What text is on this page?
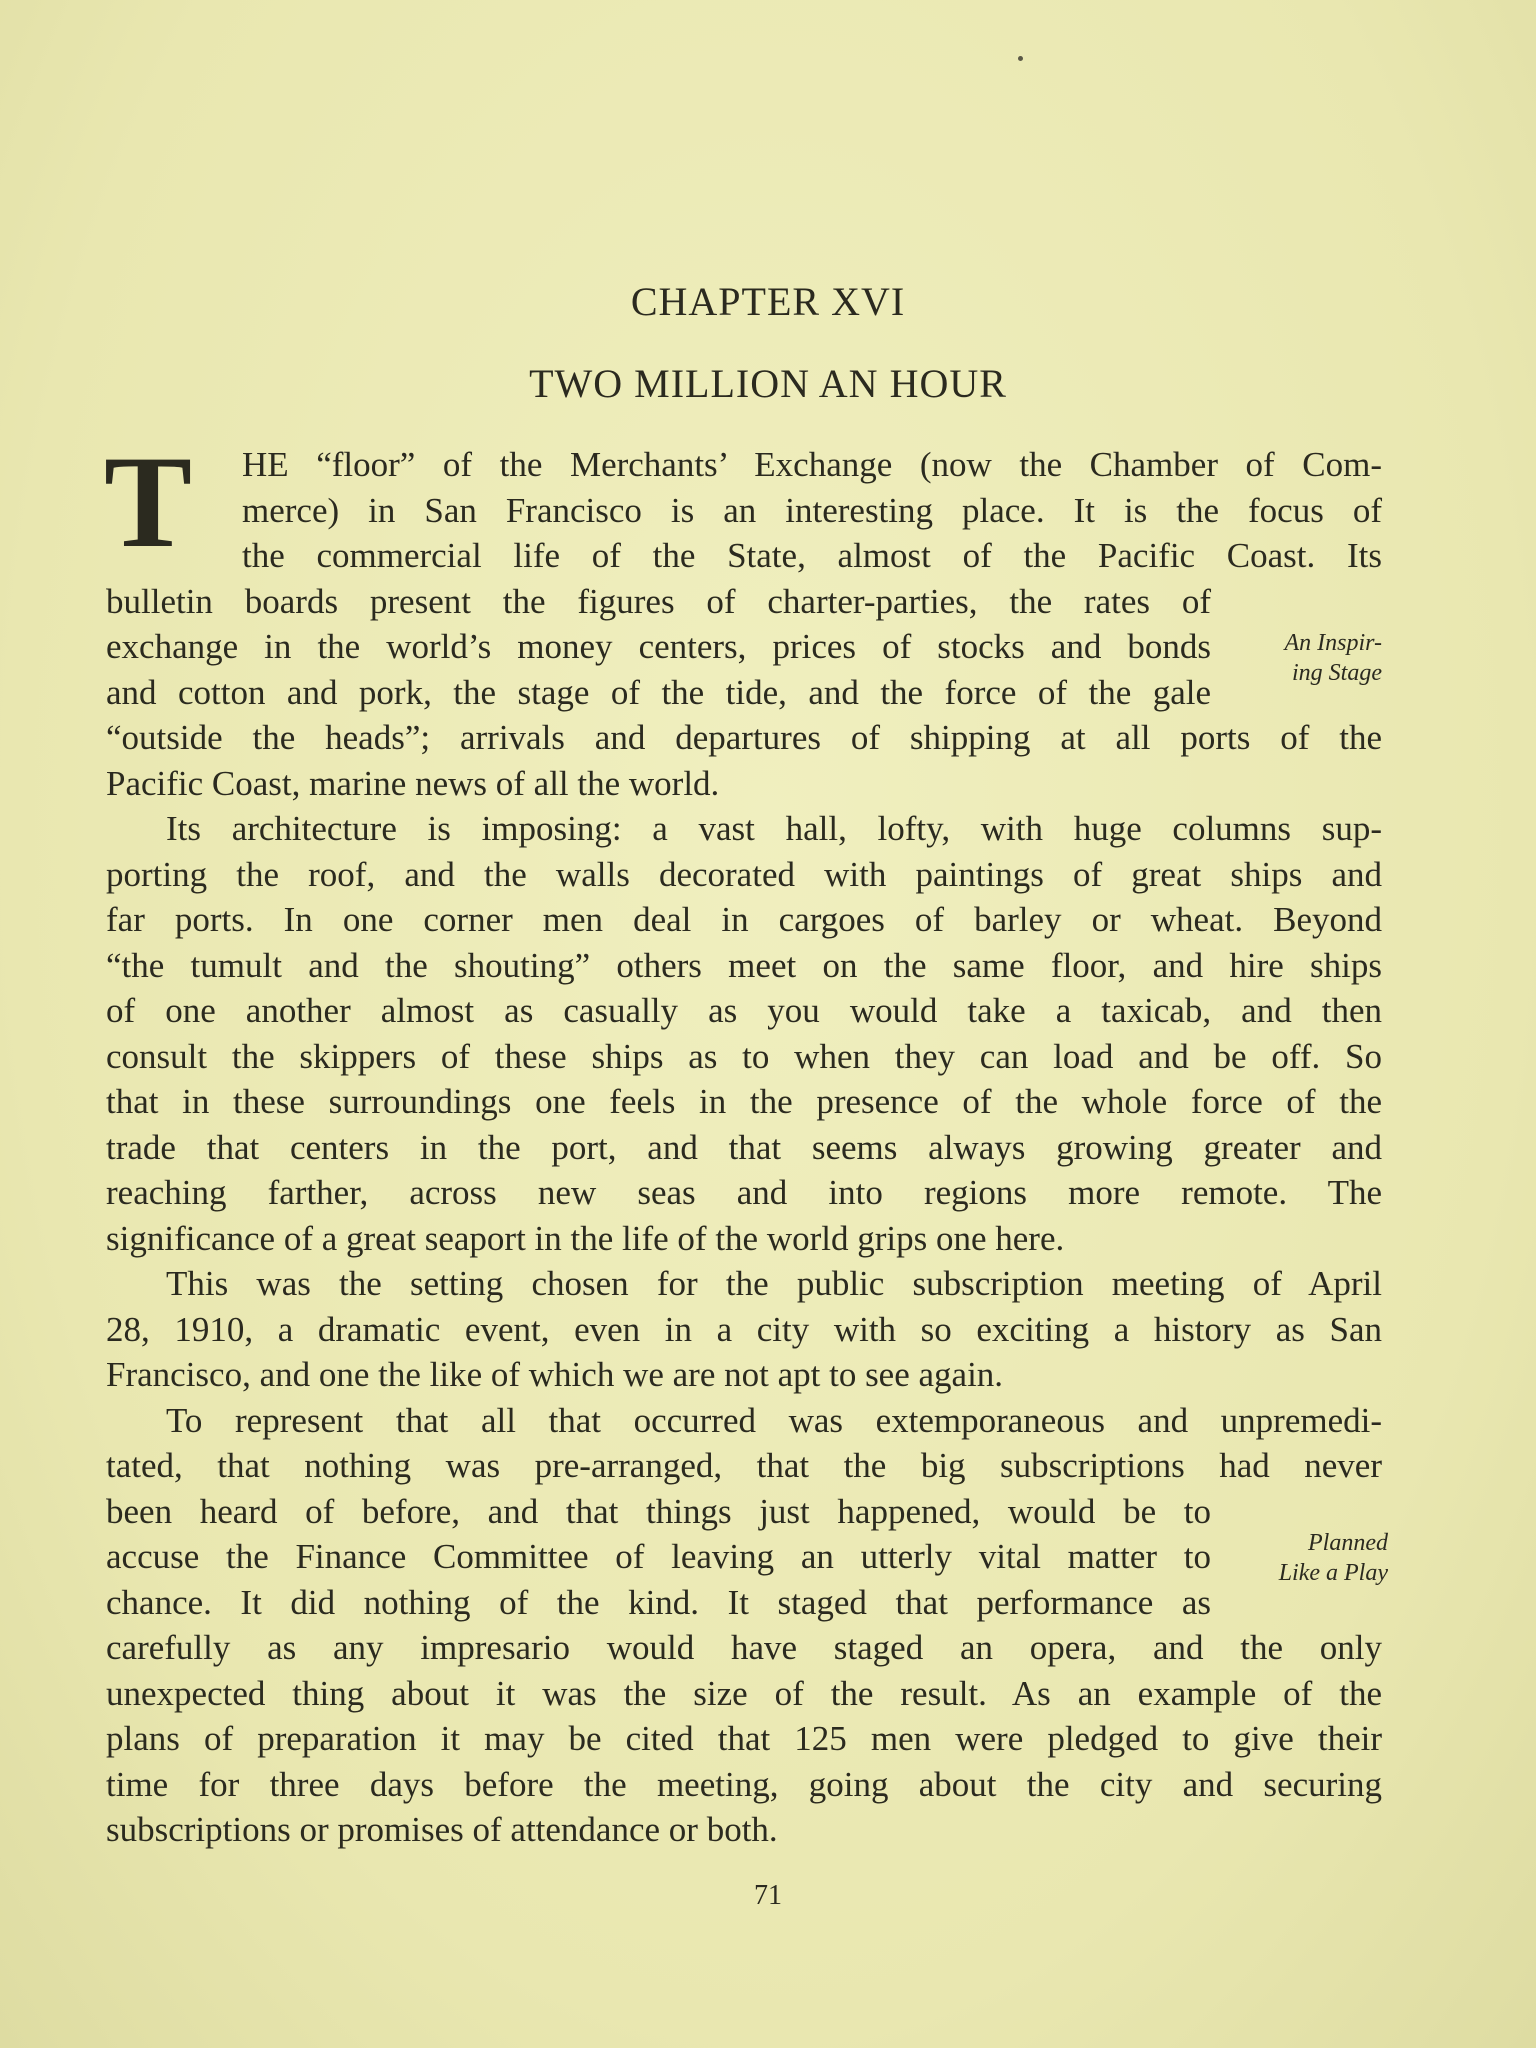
CHAPTER XVI
TWO MILLION AN HOUR
T HE “floor” of the Merchants’ Exchange (now the Chamber of Com-
merce) in San Francisco is an interesting place. It is the focus of
the commercial life of the State, almost of the Pacific Coast. Its
bulletin boards present the figures of charter-parties, the rates of
exchange in the world’s money centers, prices of stocks and bonds
and cotton and pork, the stage of the tide, and the force of the gale
“outside the heads”; arrivals and departures of shipping at all ports of the
Pacific Coast, marine news of all the world.
Its architecture is imposing: a vast hall, lofty, with huge columns sup-
porting the roof, and the walls decorated with paintings of great ships and
far ports. In one corner men deal in cargoes of barley or wheat. Beyond
“the tumult and the shouting” others meet on the same floor, and hire ships
of one another almost as casually as you would take a taxicab, and then
consult the skippers of these ships as to when they can load and be off. So
that in these surroundings one feels in the presence of the whole force of the
trade that centers in the port, and that seems always growing greater and
reaching farther, across new seas and into regions more remote. The
significance of a great seaport in the life of the world grips one here.
This was the setting chosen for the public subscription meeting of April
28, 1910, a dramatic event, even in a city with so exciting a history as San
Francisco, and one the like of which we are not apt to see again.
To represent that all that occurred was extemporaneous and unpremedi-
tated, that nothing was pre-arranged, that the big subscriptions had never
been heard of before, and that things just happened, would be to
accuse the Finance Committee of leaving an utterly vital matter to
chance. It did nothing of the kind. It staged that performance as
carefully as any impresario would have staged an opera, and the only
unexpected thing about it was the size of the result. As an example of the
plans of preparation it may be cited that 125 men were pledged to give their
time for three days before the meeting, going about the city and securing
subscriptions or promises of attendance or both.
An Inspir-
ing Stage
Planned
Like a Play
71
